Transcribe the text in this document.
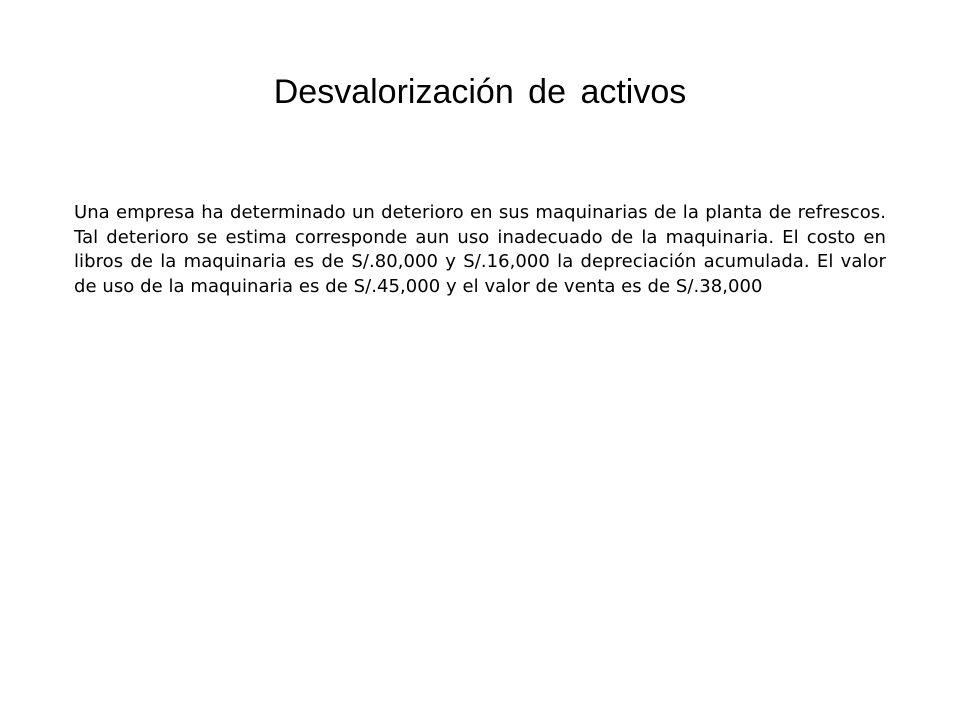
Desvalorización de activos

Una empresa ha determinado un deterioro en sus maquinarias de la planta de refrescos. Tal deterioro se estima corresponde aun uso inadecuado de la maquinaria. El costo en libros de la maquinaria es de S/.80,000 y S/.16,000 la depreciación acumulada. El valor de uso de la maquinaria es de S/.45,000 y el valor de venta es de S/.38,000
